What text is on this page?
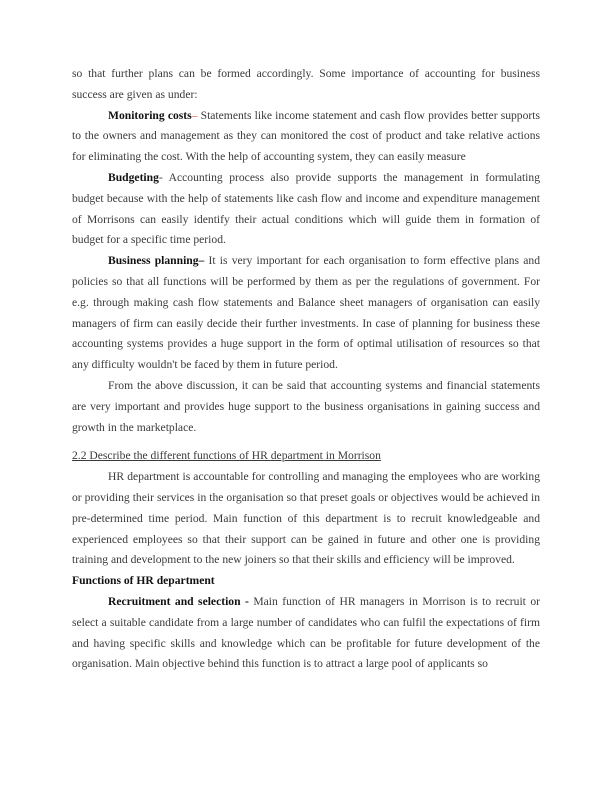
so that further plans can be formed accordingly. Some importance of accounting for business success are given as under:

Monitoring costs– Statements like income statement and cash flow provides better supports to the owners and management as they can monitored the cost of product and take relative actions for eliminating the cost. With the help of accounting system, they can easily measure

Budgeting- Accounting process also provide supports the management in formulating budget because with the help of statements like cash flow and income and expenditure management of Morrisons can easily identify their actual conditions which will guide them in formation of budget for a specific time period.

Business planning– It is very important for each organisation to form effective plans and policies so that all functions will be performed by them as per the regulations of government. For e.g. through making cash flow statements and Balance sheet managers of organisation can easily managers of firm can easily decide their further investments. In case of planning for business these accounting systems provides a huge support in the form of optimal utilisation of resources so that any difficulty wouldn't be faced by them in future period.

From the above discussion, it can be said that accounting systems and financial statements are very important and provides huge support to the business organisations in gaining success and growth in the marketplace.

2.2 Describe the different functions of HR department in Morrison

HR department is accountable for controlling and managing the employees who are working or providing their services in the organisation so that preset goals or objectives would be achieved in pre-determined time period. Main function of this department is to recruit knowledgeable and experienced employees so that their support can be gained in future and other one is providing training and development to the new joiners so that their skills and efficiency will be improved.

Functions of HR department

Recruitment and selection - Main function of HR managers in Morrison is to recruit or select a suitable candidate from a large number of candidates who can fulfil the expectations of firm and having specific skills and knowledge which can be profitable for future development of the organisation. Main objective behind this function is to attract a large pool of applicants so
